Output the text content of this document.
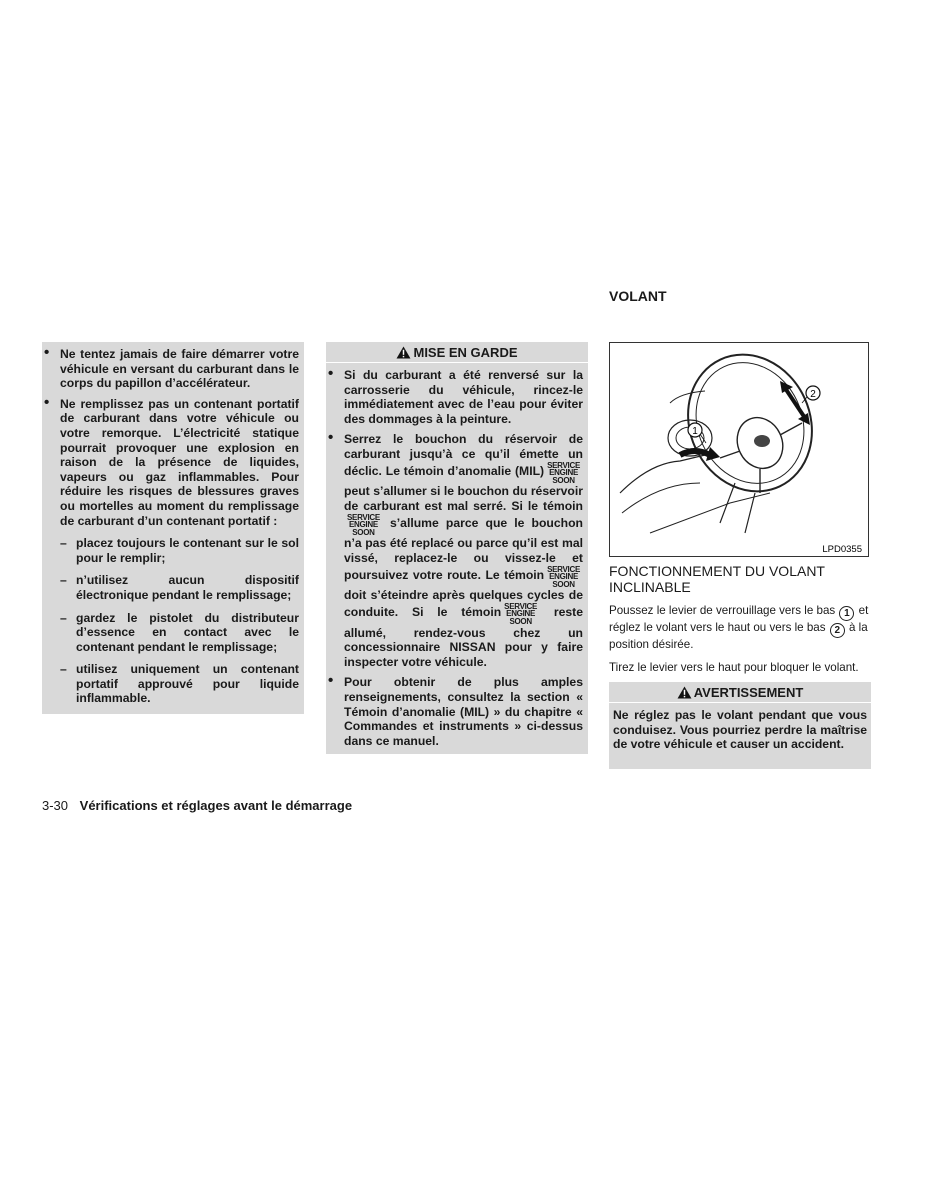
• Ne tentez jamais de faire démarrer votre véhicule en versant du carburant dans le corps du papillon d’accélérateur.
• Ne remplissez pas un contenant portatif de carburant dans votre véhicule ou votre remorque. L’électricité statique pourrait provoquer une explosion en raison de la présence de liquides, vapeurs ou gaz inflammables. Pour réduire les risques de blessures graves ou mortelles au moment du remplissage de carburant d’un contenant portatif :
– placez toujours le contenant sur le sol pour le remplir;
– n’utilisez aucun dispositif électronique pendant le remplissage;
– gardez le pistolet du distributeur d’essence en contact avec le contenant pendant le remplissage;
– utilisez uniquement un contenant portatif approuvé pour liquide inflammable.
MISE EN GARDE
• Si du carburant a été renversé sur la carrosserie du véhicule, rincez-le immédiatement avec de l’eau pour éviter des dommages à la peinture.
• Serrez le bouchon du réservoir de carburant jusqu’à ce qu’il émette un déclic. Le témoin d’anomalie (MIL) SERVICE
ENGINE
SOON
peut s’allumer si le bouchon du réservoir de carburant est mal serré. Si le témoin
SERVICE
ENGINE
SOON
s’allume parce que le bouchon n’a pas été replacé ou parce qu’il est mal vissé, replacez-le ou vissez-le et poursuivez votre route. Le témoin SERVICE
ENGINE
SOON
doit s’éteindre après quelques cycles de conduite. Si le témoin SERVICE
ENGINE
SOON
reste allumé, rendez-vous chez un concessionnaire NISSAN pour y faire inspecter votre véhicule.
• Pour obtenir de plus amples renseignements, consultez la section « Témoin d’anomalie (MIL) » du chapitre « Commandes et instruments » ci-dessus dans ce manuel.
VOLANT
1
2
LPD0355
FONCTIONNEMENT DU VOLANT INCLINABLE

Poussez le levier de verrouillage vers le bas 1 et réglez le volant vers le haut ou vers le bas 2 à la position désirée.

Tirez le levier vers le haut pour bloquer le volant.

AVERTISSEMENT
Ne réglez pas le volant pendant que vous conduisez. Vous pourriez perdre la maîtrise de votre véhicule et causer un accident.
3-30 Vérifications et réglages avant le démarrage
